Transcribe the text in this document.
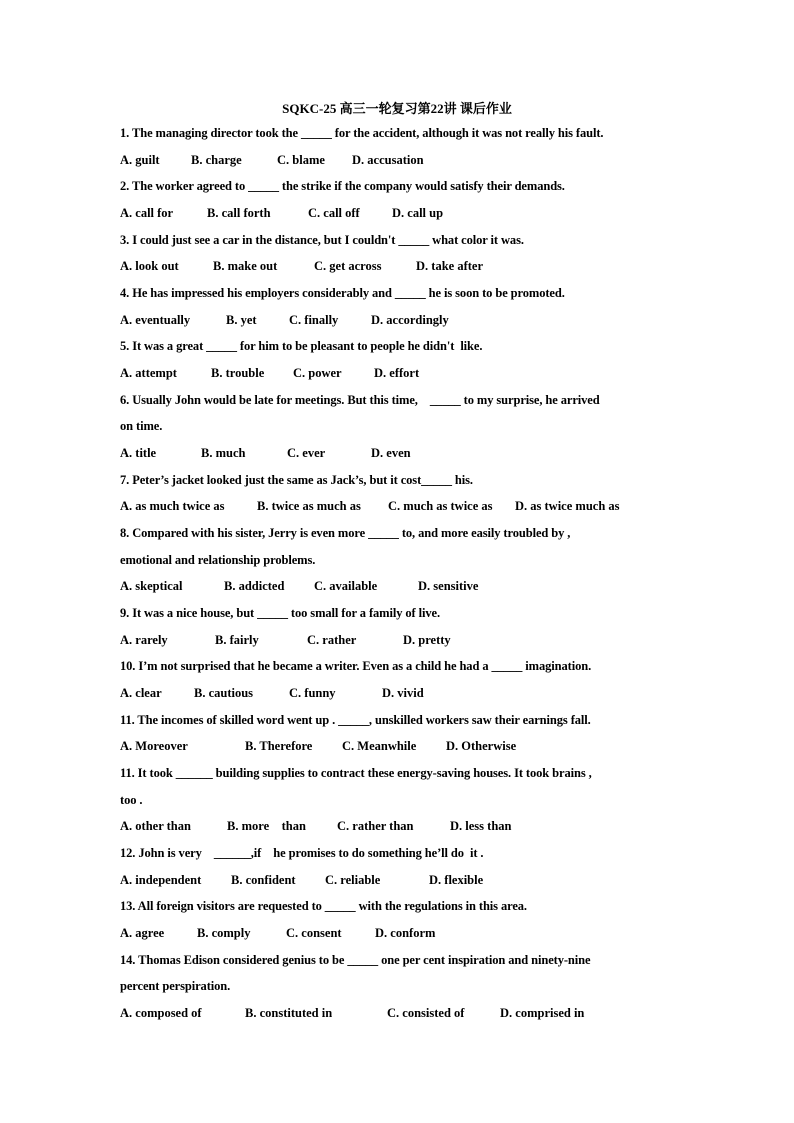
SQKC-25 高三一轮复习第22讲 课后作业
1. The managing director took the _____ for the accident, although it was not really his fault.
A. guilt	B. charge	C. blame D. accusation
2. The worker agreed to _____ the strike if the company would satisfy their demands.
A. call for	B. call forth	C. call off	D. call up
3. I could just see a car in the distance, but I couldn't _____ what color it was.
A. look out	B. make out	C. get across	D. take after
4. He has impressed his employers considerably and _____ he is soon to be promoted.
A. eventually	B. yet	C. finally	D. accordingly
5. It was a great _____ for him to be pleasant to people he didn't  like.
A. attempt	B. trouble C. power	D. effort
6. Usually John would be late for meetings. But this time,    _____ to my surprise, he arrived
on time.
A. title	B. much	C. ever	D. even
7. Peter’s jacket looked just the same as Jack’s, but it cost_____ his.
A. as much twice as	B. twice as much as C. much as twice as D. as twice much as
8. Compared with his sister, Jerry is even more _____ to, and more easily troubled by ,
emotional and relationship problems.
A. skeptical	B. addicted C. available	D. sensitive
9. It was a nice house, but _____ too small for a family of live.
A. rarely	B. fairly	C. rather	D. pretty
10. I’m not surprised that he became a writer. Even as a child he had a _____ imagination.
A. clear	B. cautious	C. funny	D. vivid
11. The incomes of skilled word went up . _____, unskilled workers saw their earnings fall.
A. Moreover	B. Therefore C. Meanwhile D. Otherwise
11. It took ______ building supplies to contract these energy-saving houses. It took brains ,
too .
A. other than	B. more    than C. rather than	D. less than
12. John is very    ______,if    he promises to do something he’ll do  it .
A. independent B. confident C. reliable	D. flexible
13. All foreign visitors are requested to _____ with the regulations in this area.
A. agree	B. comply	C. consent	D. conform
14. Thomas Edison considered genius to be _____ one per cent inspiration and ninety-nine
percent perspiration.
A. composed of	B. constituted in	C. consisted of	D. comprised in
